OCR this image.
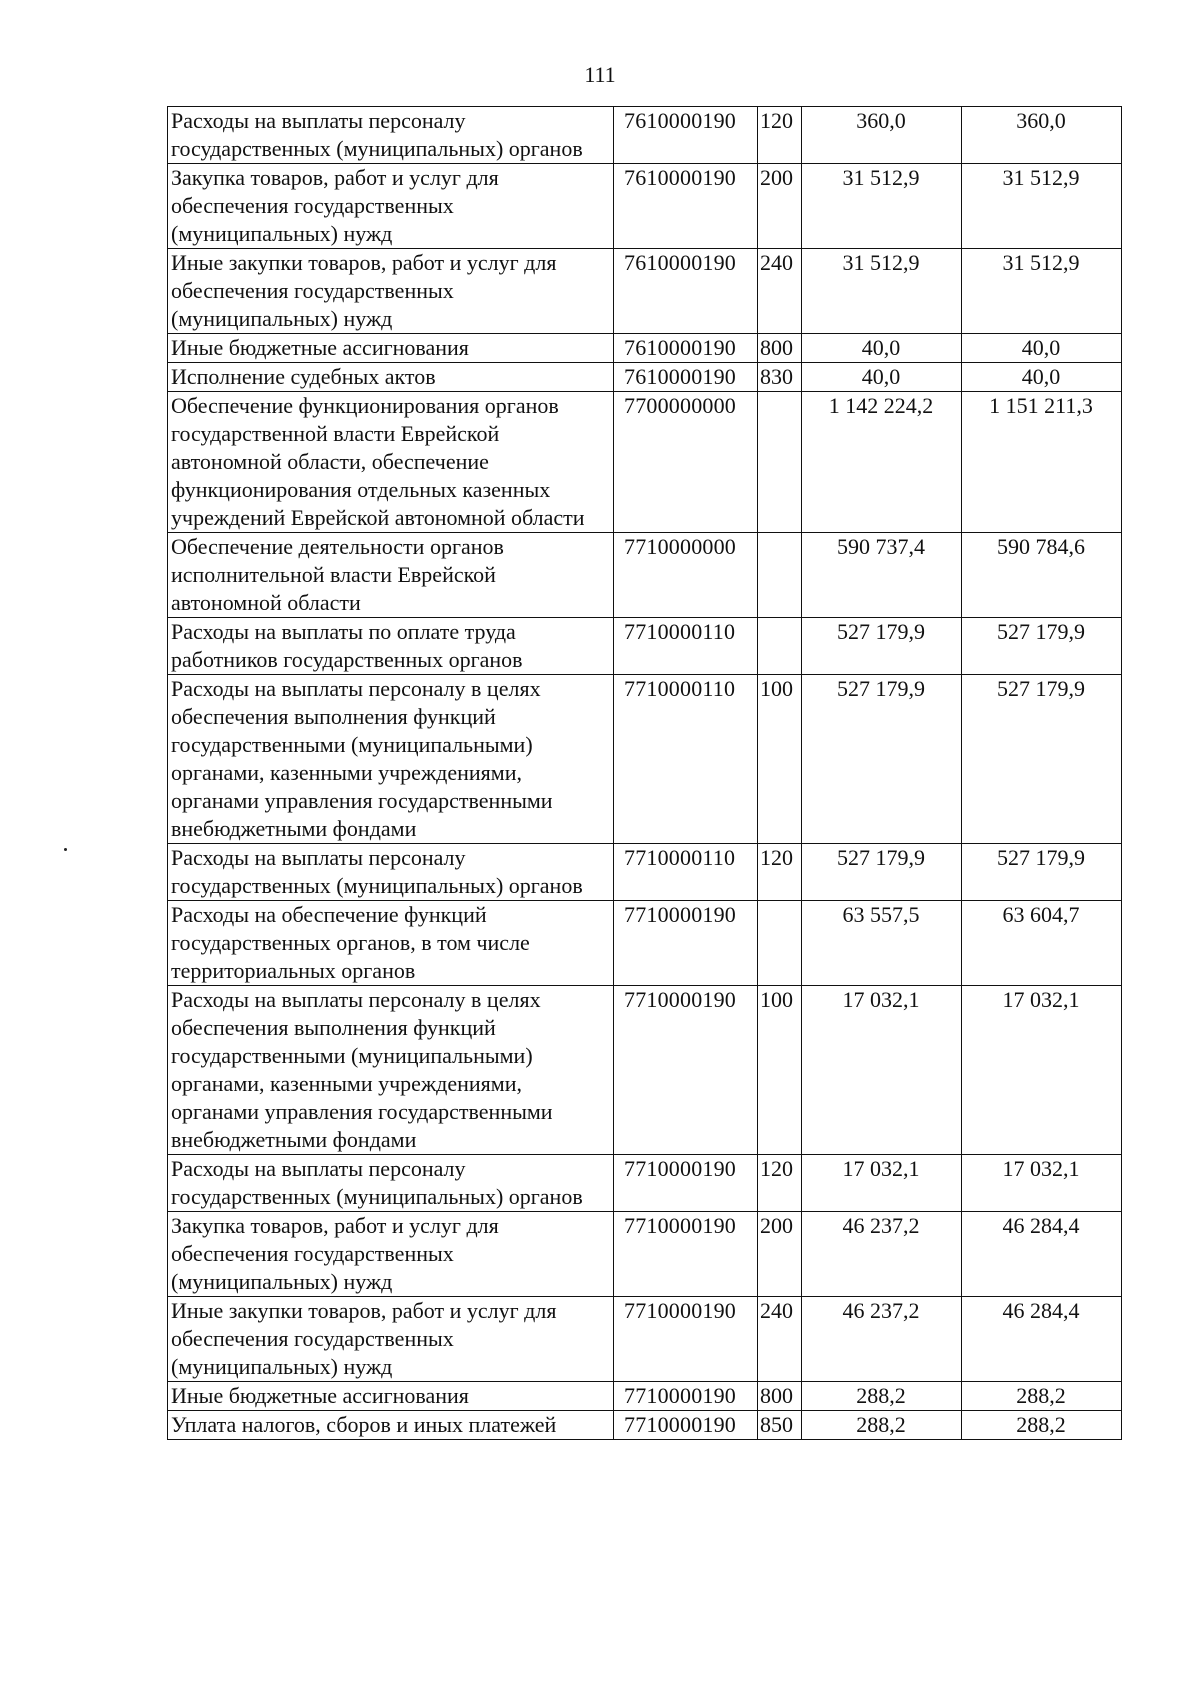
111
Расходы на выплаты персоналу государственных (муниципальных) органов	7610000190	120	360,0	360,0
Закупка товаров, работ и услуг для обеспечения государственных (муниципальных) нужд	7610000190	200	31 512,9	31 512,9
Иные закупки товаров, работ и услуг для обеспечения государственных (муниципальных) нужд	7610000190	240	31 512,9	31 512,9
Иные бюджетные ассигнования	7610000190	800	40,0	40,0
Исполнение судебных актов	7610000190	830	40,0	40,0
Обеспечение функционирования органов государственной власти Еврейской автономной области, обеспечение функционирования отдельных казенных учреждений Еврейской автономной области	7700000000		1 142 224,2	1 151 211,3
Обеспечение деятельности органов исполнительной власти Еврейской автономной области	7710000000		590 737,4	590 784,6
Расходы на выплаты по оплате труда работников государственных органов	7710000110		527 179,9	527 179,9
Расходы на выплаты персоналу в целях обеспечения выполнения функций государственными (муниципальными) органами, казенными учреждениями, органами управления государственными внебюджетными фондами	7710000110	100	527 179,9	527 179,9
Расходы на выплаты персоналу государственных (муниципальных) органов	7710000110	120	527 179,9	527 179,9
Расходы на обеспечение функций государственных органов, в том числе территориальных органов	7710000190		63 557,5	63 604,7
Расходы на выплаты персоналу в целях обеспечения выполнения функций государственными (муниципальными) органами, казенными учреждениями, органами управления государственными внебюджетными фондами	7710000190	100	17 032,1	17 032,1
Расходы на выплаты персоналу государственных (муниципальных) органов	7710000190	120	17 032,1	17 032,1
Закупка товаров, работ и услуг для обеспечения государственных (муниципальных) нужд	7710000190	200	46 237,2	46 284,4
Иные закупки товаров, работ и услуг для обеспечения государственных (муниципальных) нужд	7710000190	240	46 237,2	46 284,4
Иные бюджетные ассигнования	7710000190	800	288,2	288,2
Уплата налогов, сборов и иных платежей	7710000190	850	288,2	288,2
